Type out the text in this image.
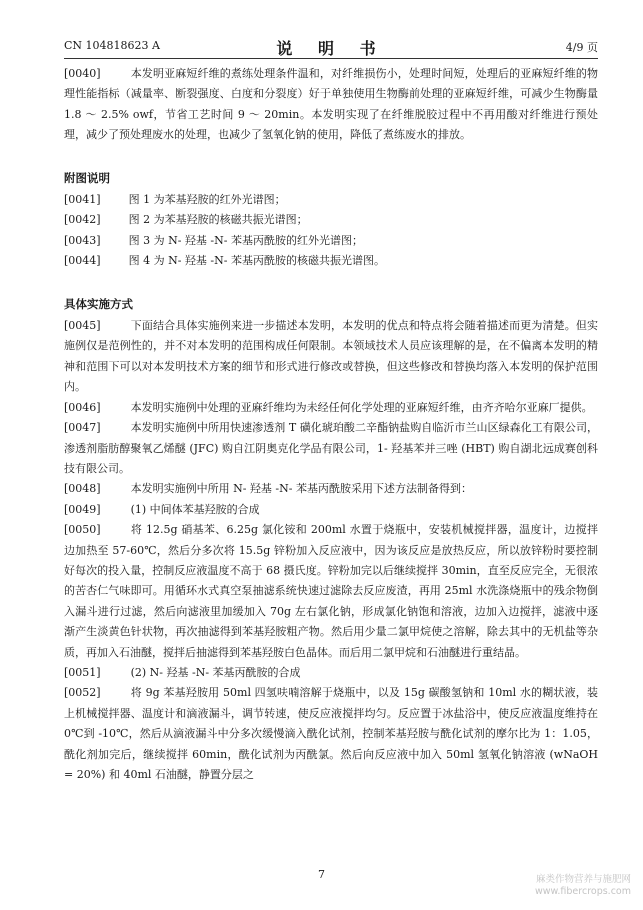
CN 104818623 A	说 明 书	4/9 页

[0040]	本发明亚麻短纤维的煮练处理条件温和，对纤维损伤小，处理时间短，处理后的亚麻短纤维的物理性能指标（减量率、断裂强度、白度和分裂度）好于单独使用生物酶前处理的亚麻短纤维，可减少生物酶量 1.8 ～ 2.5% owf，节省工艺时间 9 ～ 20min。本发明实现了在纤维脱胶过程中不再用酸对纤维进行预处理，减少了预处理废水的处理，也减少了氢氧化钠的使用，降低了煮练废水的排放。

附图说明

[0041]	图 1 为苯基羟胺的红外光谱图；

[0042]	图 2 为苯基羟胺的核磁共振光谱图；

[0043]	图 3 为 N- 羟基 -N- 苯基丙酰胺的红外光谱图；

[0044]	图 4 为 N- 羟基 -N- 苯基丙酰胺的核磁共振光谱图。

具体实施方式

[0045]	下面结合具体实施例来进一步描述本发明，本发明的优点和特点将会随着描述而更为清楚。但实施例仅是范例性的，并不对本发明的范围构成任何限制。本领域技术人员应该理解的是，在不偏离本发明的精神和范围下可以对本发明技术方案的细节和形式进行修改或替换，但这些修改和替换均落入本发明的保护范围内。

[0046]	本发明实施例中处理的亚麻纤维均为未经任何化学处理的亚麻短纤维，由齐齐哈尔亚麻厂提供。

[0047]	本发明实施例中所用快速渗透剂 T 磺化琥珀酸二辛酯钠盐购自临沂市兰山区绿森化工有限公司，渗透剂脂肪醇聚氧乙烯醚 (JFC) 购自江阴奥克化学品有限公司，1- 羟基苯并三唑 (HBT) 购自湖北远成赛创科技有限公司。

[0048]	本发明实施例中所用 N- 羟基 -N- 苯基丙酰胺采用下述方法制备得到：

[0049]	(1) 中间体苯基羟胺的合成

[0050]	将 12.5g 硝基苯、6.25g 氯化铵和 200ml 水置于烧瓶中，安装机械搅拌器，温度计，边搅拌边加热至 57-60℃，然后分多次将 15.5g 锌粉加入反应液中，因为该反应是放热反应，所以放锌粉时要控制好每次的投入量，控制反应液温度不高于 68 摄氏度。锌粉加完以后继续搅拌 30min，直至反应完全，无很浓的苦杏仁气味即可。用循环水式真空泵抽滤系统快速过滤除去反应废渣，再用 25ml 水洗涤烧瓶中的残余物倒入漏斗进行过滤，然后向滤液里加缓加入 70g 左右氯化钠，形成氯化钠饱和溶液，边加入边搅拌，滤液中逐渐产生淡黄色针状物，再次抽滤得到苯基羟胺粗产物。然后用少量二氯甲烷使之溶解，除去其中的无机盐等杂质，再加入石油醚，搅拌后抽滤得到苯基羟胺白色晶体。而后用二氯甲烷和石油醚进行重结晶。

[0051]	(2) N- 羟基 -N- 苯基丙酰胺的合成

[0052]	将 9g 苯基羟胺用 50ml 四氢呋喃溶解于烧瓶中，以及 15g 碳酸氢钠和 10ml 水的糊状液，装上机械搅拌器、温度计和滴液漏斗，调节转速，使反应液搅拌均匀。反应置于冰盐浴中，使反应液温度维持在 0℃到 -10℃，然后从滴液漏斗中分多次缓慢滴入酰化试剂，控制苯基羟胺与酰化试剂的摩尔比为 1：1.05，酰化剂加完后，继续搅拌 60min，酰化试剂为丙酰氯。然后向反应液中加入 50ml 氢氧化钠溶液 (wNaOH = 20%) 和 40ml 石油醚，静置分层之

7	麻类作物营养与施肥网
www.fibercrops.com
